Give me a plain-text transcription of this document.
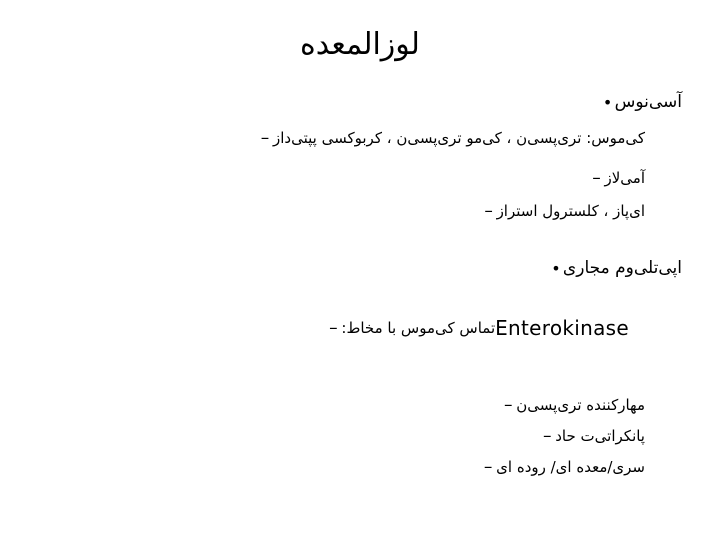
لوزالمعده
• آسی‌نوس
– کی‌موس: تری‌پسی‌ن ، کی‌مو تری‌پسی‌ن ، کربوکسی پپتی‌داز
– آمی‌لاز
– ای‌پاز ، کلسترول استراز
• اپی‌تلی‌وم مجاری
– تماس کی‌موس با مخاط: Enterokinase
– مهارکننده تری‌پسی‌ن
– پانکراتی‌ت حاد
– سری/معده ای/ روده ای
